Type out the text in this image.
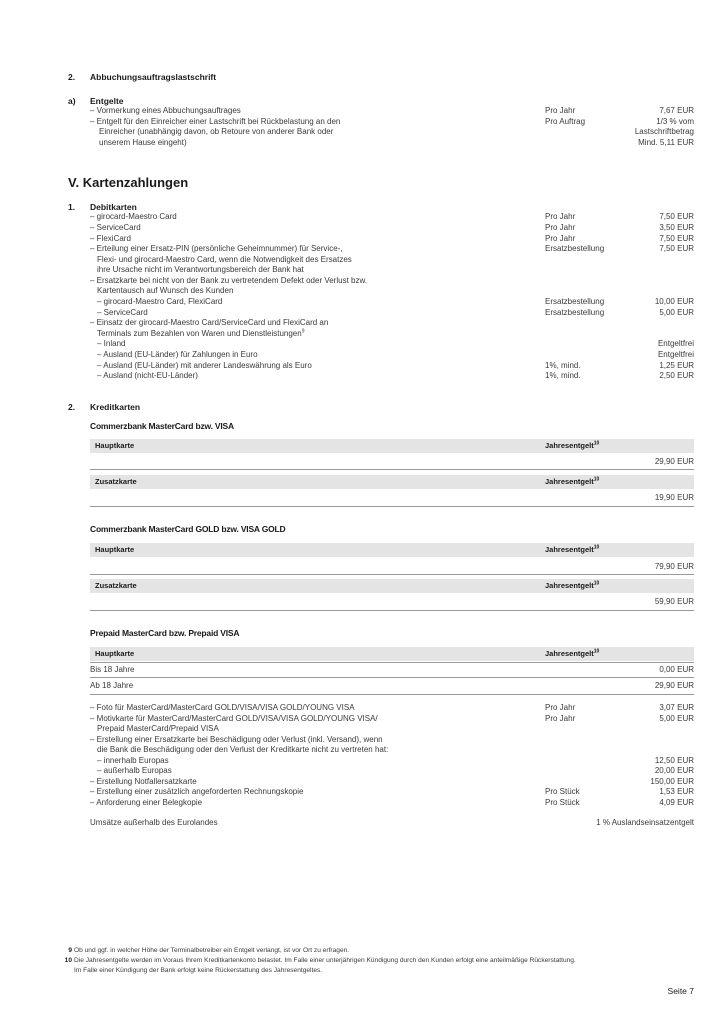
2. Abbuchungsauftragslastschrift
a) Entgelte
– Vormerkung eines Abbuchungsauftrages	Pro Jahr	7,67 EUR
– Entgelt für den Einreicher einer Lastschrift bei Rückbelastung an den	Pro Auftrag	1/3 % vom
Einreicher (unabhängig davon, ob Retoure von anderer Bank oder	Lastschriftbetrag
unserem Hause eingeht)	Mind. 5,11 EUR
V. Kartenzahlungen
1. Debitkarten
– girocard-Maestro Card	Pro Jahr	7,50 EUR
– ServiceCard	Pro Jahr	3,50 EUR
– FlexiCard	Pro Jahr	7,50 EUR
– Erteilung einer Ersatz-PIN (persönliche Geheimnummer) für Service-,	Ersatzbestellung	7,50 EUR
Flexi- und girocard-Maestro Card, wenn die Notwendigkeit des Ersatzes
ihre Ursache nicht im Verantwortungsbereich der Bank hat
– Ersatzkarte bei nicht von der Bank zu vertretendem Defekt oder Verlust bzw.
Kartentausch auf Wunsch des Kunden
– girocard-Maestro Card, FlexiCard	Ersatzbestellung	10,00 EUR
– ServiceCard	Ersatzbestellung	5,00 EUR
– Einsatz der girocard-Maestro Card/ServiceCard und FlexiCard an
Terminals zum Bezahlen von Waren und Dienstleistungen$^9$
– Inland	Entgeltfrei
– Ausland (EU-Länder) für Zahlungen in Euro	Entgeltfrei
– Ausland (EU-Länder) mit anderer Landeswährung als Euro	1%, mind.	1,25 EUR
– Ausland (nicht-EU-Länder)	1%, mind.	2,50 EUR
2. Kreditkarten
Commerzbank MasterCard bzw. VISA
Hauptkarte	Jahresentgelt$^{10}$
29,90 EUR
Zusatzkarte	Jahresentgelt$^{10}$
19,90 EUR
Commerzbank MasterCard GOLD bzw. VISA GOLD
Hauptkarte	Jahresentgelt$^{10}$
79,90 EUR
Zusatzkarte	Jahresentgelt$^{10}$
59,90 EUR
Prepaid MasterCard bzw. Prepaid VISA
Hauptkarte	Jahresentgelt$^{10}$
Bis 18 Jahre	0,00 EUR
Ab 18 Jahre	29,90 EUR
– Foto für MasterCard/MasterCard GOLD/VISA/VISA GOLD/YOUNG VISA	Pro Jahr	3,07 EUR
– Motivkarte für MasterCard/MasterCard GOLD/VISA/VISA GOLD/YOUNG VISA/	Pro Jahr	5,00 EUR
Prepaid MasterCard/Prepaid VISA
– Erstellung einer Ersatzkarte bei Beschädigung oder Verlust (inkl. Versand), wenn
die Bank die Beschädigung oder den Verlust der Kreditkarte nicht zu vertreten hat:
– innerhalb Europas	12,50 EUR
– außerhalb Europas	20,00 EUR
– Erstellung Notfallersatzkarte	150,00 EUR
– Erstellung einer zusätzlich angeforderten Rechnungskopie	Pro Stück	1,53 EUR
– Anforderung einer Belegkopie	Pro Stück	4,09 EUR
Umsätze außerhalb des Eurolandes	1 % Auslandseinsatzentgelt
9 Ob und ggf. in welcher Höhe der Terminalbetreiber ein Entgelt verlangt, ist vor Ort zu erfragen.
10 Die Jahresentgelte werden im Voraus Ihrem Kreditkartenkonto belastet. Im Falle einer unterjährigen Kündigung durch den Kunden erfolgt eine anteilmäßige Rückerstattung.
Im Falle einer Kündigung der Bank erfolgt keine Rückerstattung des Jahresentgeltes.
Seite 7
